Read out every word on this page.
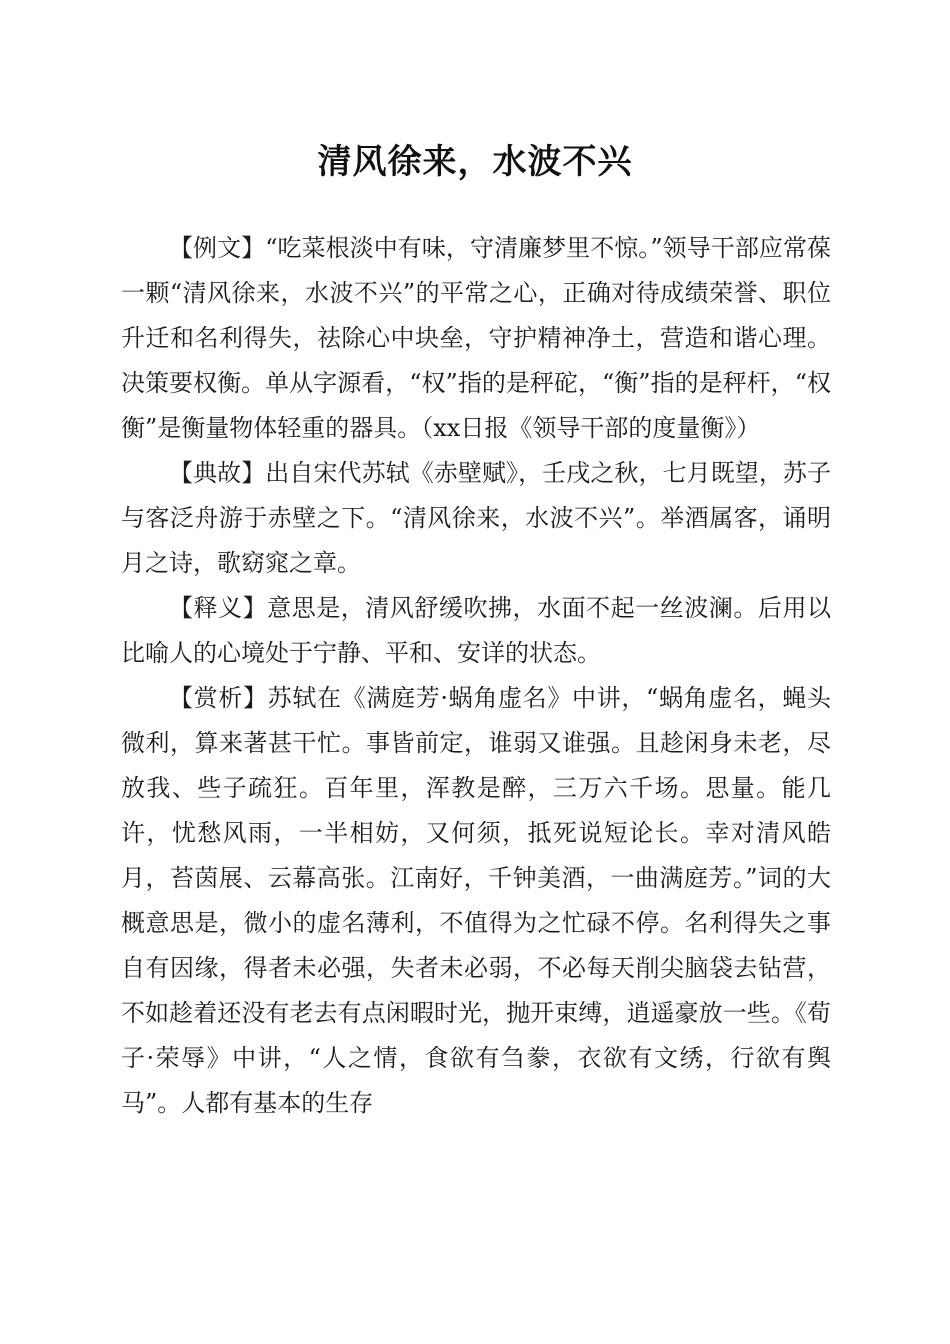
清风徐来，水波不兴

【例文】“吃菜根淡中有味，守清廉梦里不惊。”领导干部应常葆一颗“清风徐来，水波不兴”的平常之心，正确对待成绩荣誉、职位升迁和名利得失，祛除心中块垒，守护精神净土，营造和谐心理。决策要权衡。单从字源看，“权”指的是秤砣，“衡”指的是秤杆，“权衡”是衡量物体轻重的器具。（xx日报《领导干部的度量衡》）

【典故】出自宋代苏轼《赤壁赋》，壬戌之秋，七月既望，苏子与客泛舟游于赤壁之下。“清风徐来，水波不兴”。举酒属客，诵明月之诗，歌窈窕之章。

【释义】意思是，清风舒缓吹拂，水面不起一丝波澜。后用以比喻人的心境处于宁静、平和、安详的状态。

【赏析】苏轼在《满庭芳·蜗角虚名》中讲，“蜗角虚名，蝇头微利，算来著甚干忙。事皆前定，谁弱又谁强。且趁闲身未老，尽放我、些子疏狂。百年里，浑教是醉，三万六千场。思量。能几许，忧愁风雨，一半相妨，又何须，抵死说短论长。幸对清风皓月，苔茵展、云幕高张。江南好，千钟美酒，一曲满庭芳。”词的大概意思是，微小的虚名薄利，不值得为之忙碌不停。名利得失之事自有因缘，得者未必强，失者未必弱，不必每天削尖脑袋去钻营，不如趁着还没有老去有点闲暇时光，抛开束缚，逍遥豪放一些。《荀子·荣辱》中讲，“人之情，食欲有刍豢，衣欲有文绣，行欲有舆马”。人都有基本的生存
